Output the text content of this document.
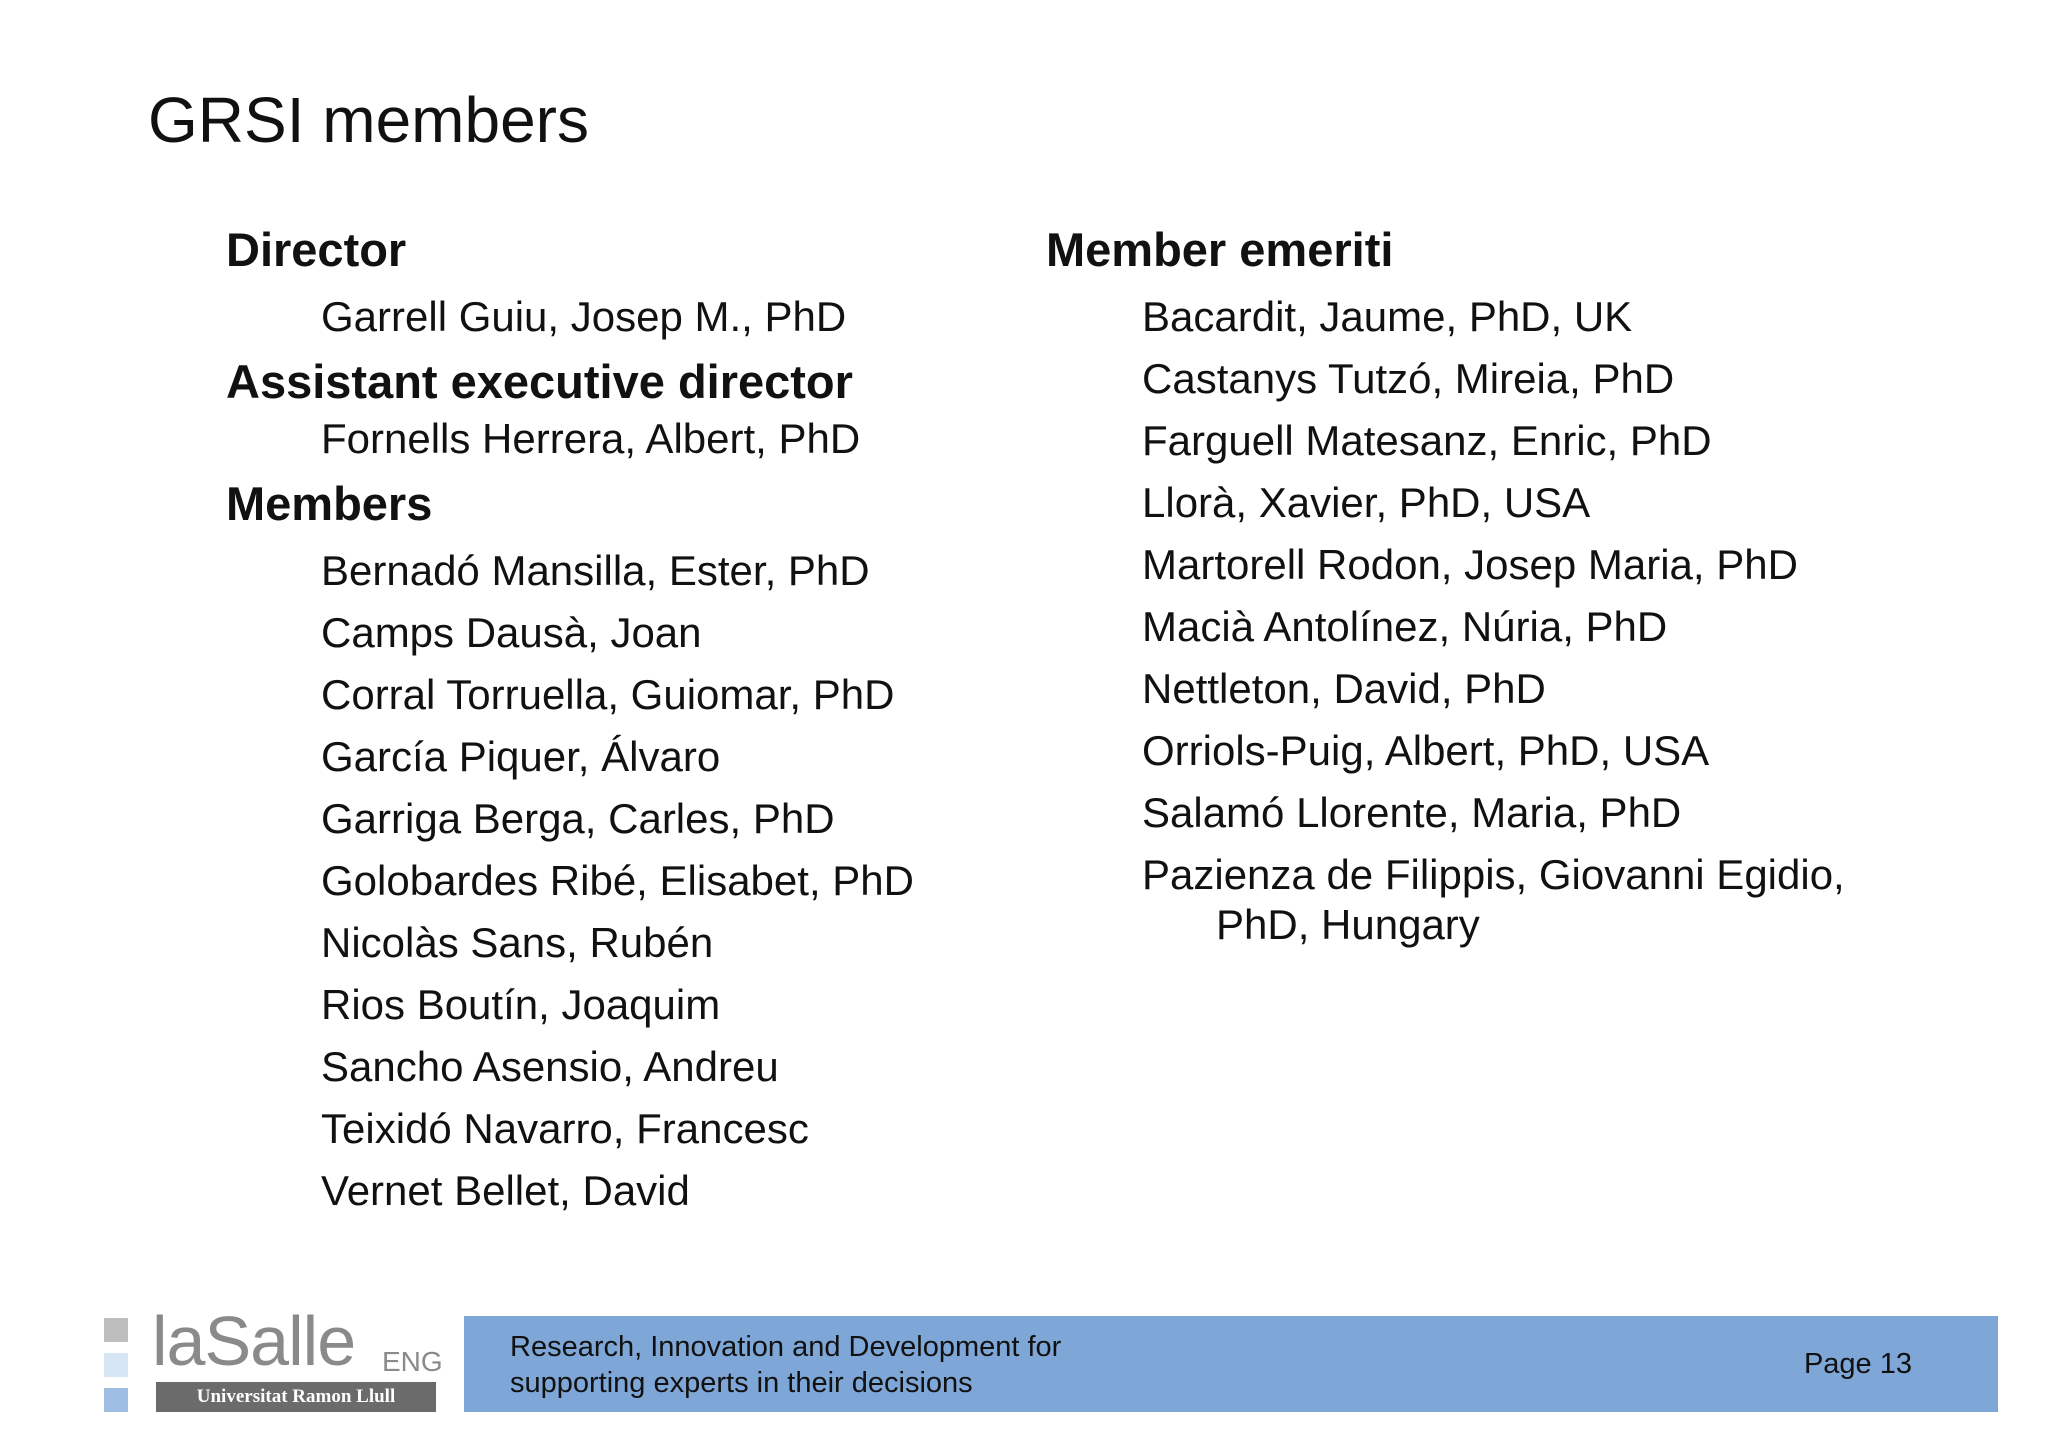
GRSI members
Director
Garrell Guiu, Josep M., PhD
Assistant executive director
Fornells Herrera, Albert, PhD
Members
Bernadó Mansilla, Ester, PhD
Camps Dausà, Joan
Corral Torruella, Guiomar, PhD
García Piquer, Álvaro
Garriga Berga, Carles, PhD
Golobardes Ribé, Elisabet, PhD
Nicolàs Sans, Rubén
Rios Boutín, Joaquim
Sancho Asensio, Andreu
Teixidó Navarro, Francesc
Vernet Bellet, David
Member emeriti
Bacardit, Jaume, PhD, UK
Castanys Tutzó, Mireia, PhD
Farguell Matesanz, Enric, PhD
Llorà, Xavier, PhD, USA
Martorell Rodon, Josep Maria, PhD
Macià Antolínez, Núria, PhD
Nettleton, David, PhD
Orriols-Puig, Albert, PhD, USA
Salamó Llorente, Maria, PhD
Pazienza de Filippis, Giovanni Egidio,
PhD, Hungary
laSalle ENG
Universitat Ramon Llull
Research, Innovation and Development for
supporting experts in their decisions
Page 13
